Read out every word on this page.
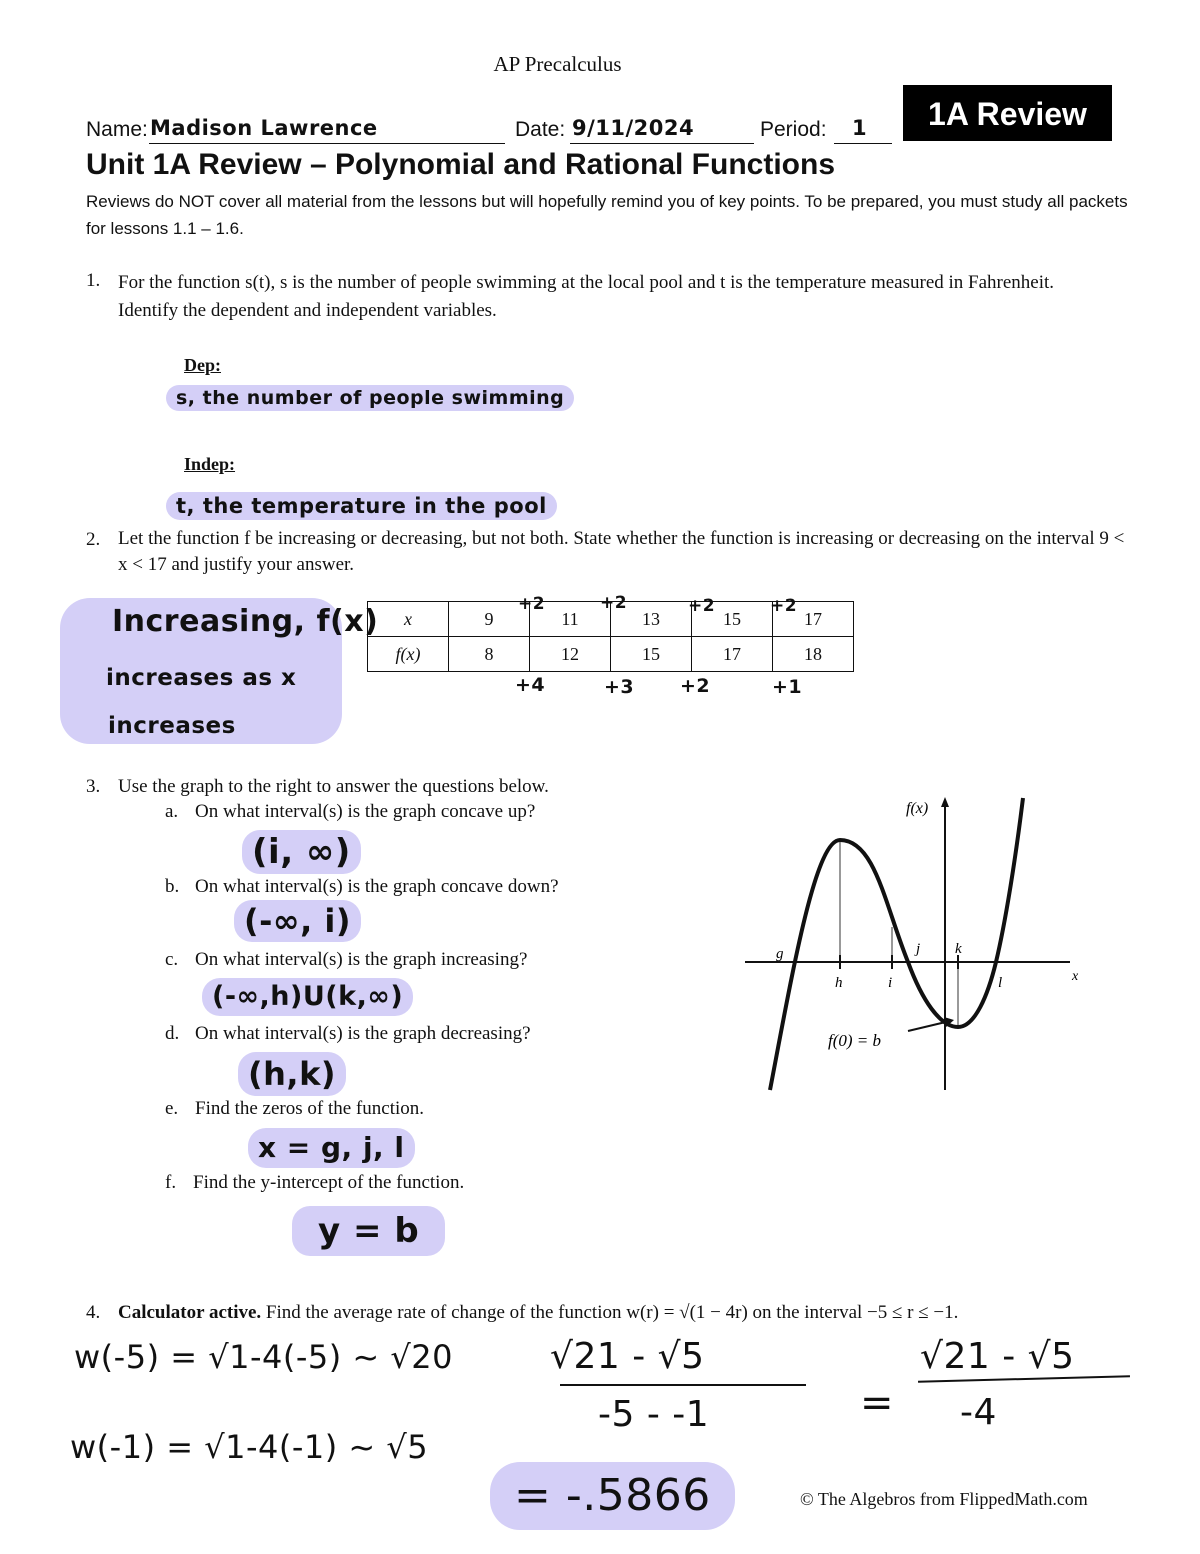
AP Precalculus
Name: Madison Lawrence	Date: 9/11/2024	Period: 1	1A Review
Unit 1A Review – Polynomial and Rational Functions
Reviews do NOT cover all material from the lessons but will hopefully remind you of key points. To be prepared, you must study all packets for lessons 1.1 – 1.6.
1. For the function s(t), s is the number of people swimming at the local pool and t is the temperature measured in Fahrenheit. Identify the dependent and independent variables.
Dep:
s, the number of people swimming
Indep:
t, the temperature in the pool
2. Let the function f be increasing or decreasing, but not both. State whether the function is increasing or decreasing on the interval 9 < x < 17 and justify your answer.
Increasing, f(x)
increases as x
increases
x	9	11	13	15	17
f(x)	8	12	15	17	18
+2	+2	+2	+2
+4	+3 +2	+1
3. Use the graph to the right to answer the questions below.
a. On what interval(s) is the graph concave up?
(i, ∞)
b. On what interval(s) is the graph concave down?
(-∞, i)
c. On what interval(s) is the graph increasing?
(-∞,h)U(k,∞)
d. On what interval(s) is the graph decreasing?
(h,k)
e. Find the zeros of the function.
x = g, j, l
f. Find the y-intercept of the function.
y = b
f(x)
x
g
h	i
j k
l
f(0) = b
4. Calculator active. Find the average rate of change of the function w(r) = √(1 − 4r) on the interval −5 ≤ r ≤ −1.
w(-5) = √1-4(-5) ~ √20
w(-1) = √1-4(-1) ~ √5
√21 - √5
-5 - -1	=
√21 - √5
-4
= -.5866	© The Algebros from FlippedMath.com
